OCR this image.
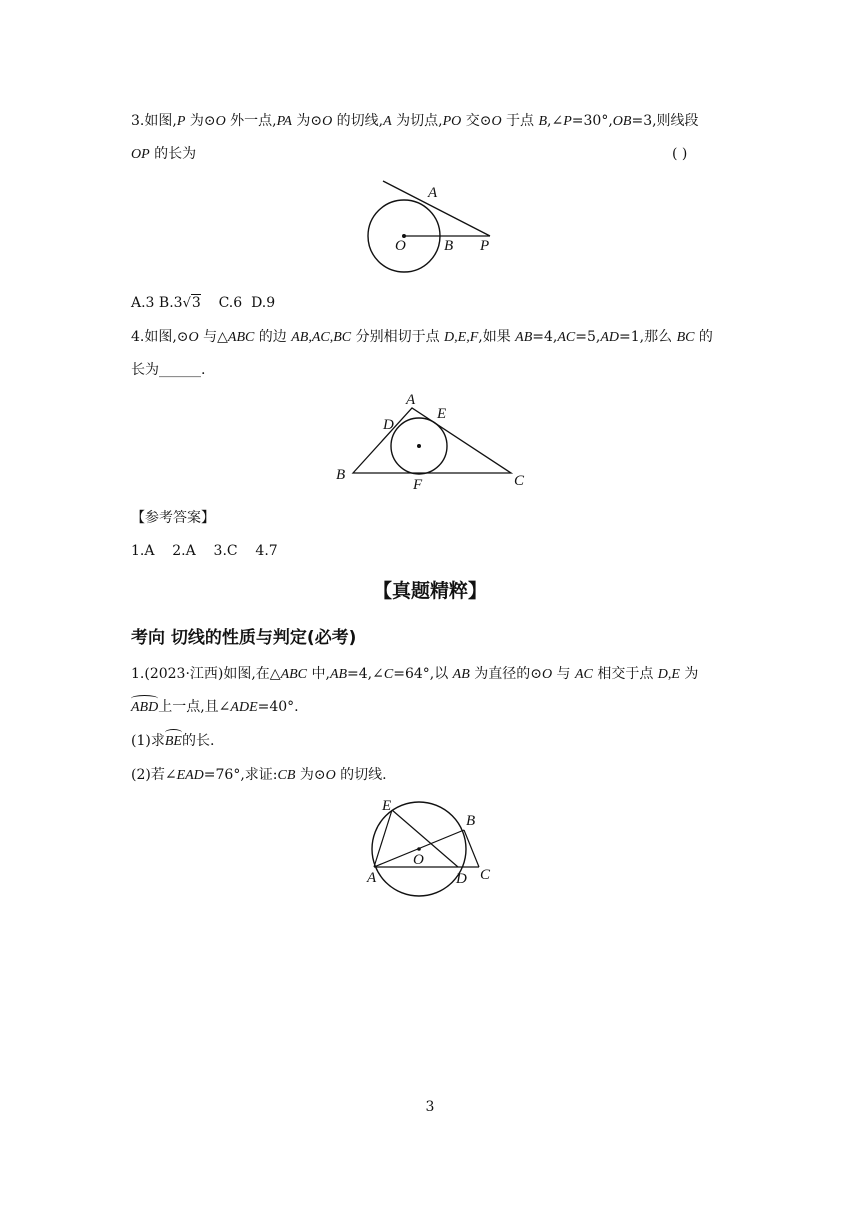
3.如图,P 为⊙O 外一点,PA 为⊙O 的切线,A 为切点,PO 交⊙O 于点 B,∠P=30°,OB=3,则线段
OP 的长为	( )
A
O	B P
A.3 B.3√3    C.6  D.9
4.如图,⊙O 与△ABC 的边 AB,AC,BC 分别相切于点 D,E,F,如果 AB=4,AC=5,AD=1,那么 BC 的
长为______.
A
D
E
B
F	C
【参考答案】
1.A    2.A    3.C    4.7
【真题精粹】
考向 切线的性质与判定(必考)
1.(2023·江西)如图,在△ABC 中,AB=4,∠C=64°,以 AB 为直径的⊙O 与 AC 相交于点 D,E 为
ABD上一点,且∠ADE=40°.
(1)求BE的长.
(2)若∠EAD=76°,求证:CB 为⊙O 的切线.
E
B
O
A	D C
3
